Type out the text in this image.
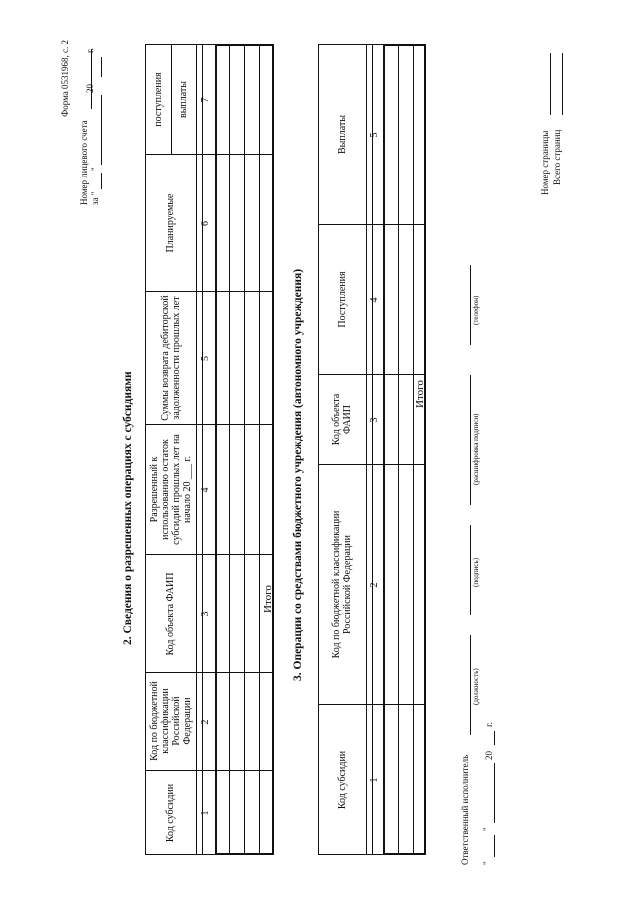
Форма 0531968, с. 2
Номер лицевого счета за "
"
20
г.
2. Сведения о разрешенных операциях с субсидиями
Код субсидии
Код по бюджетной классификации Российской Федерации
Код объекта ФАИП
Разрешенный к использованию остаток субсидий прошлых лет на начало 20 ___ г.
Суммы возврата дебиторской задолженности прошлых лет
Планируемые
поступления	выплаты
1
2
3
4
5
6
7
Итого 3. Операции со средствами бюджетного учреждения (автономного учреждения)
Код субсидии
Код по бюджетной классификации Российской Федерации
Код объекта ФАИП
Поступления
Выплаты
1
2
3
4
5
Итого
Ответственный исполнитель
(должность)
(подпись)
(расшифровка подписи)
(телефон)
"
"
20
г.
Номер страницы Всего страниц
